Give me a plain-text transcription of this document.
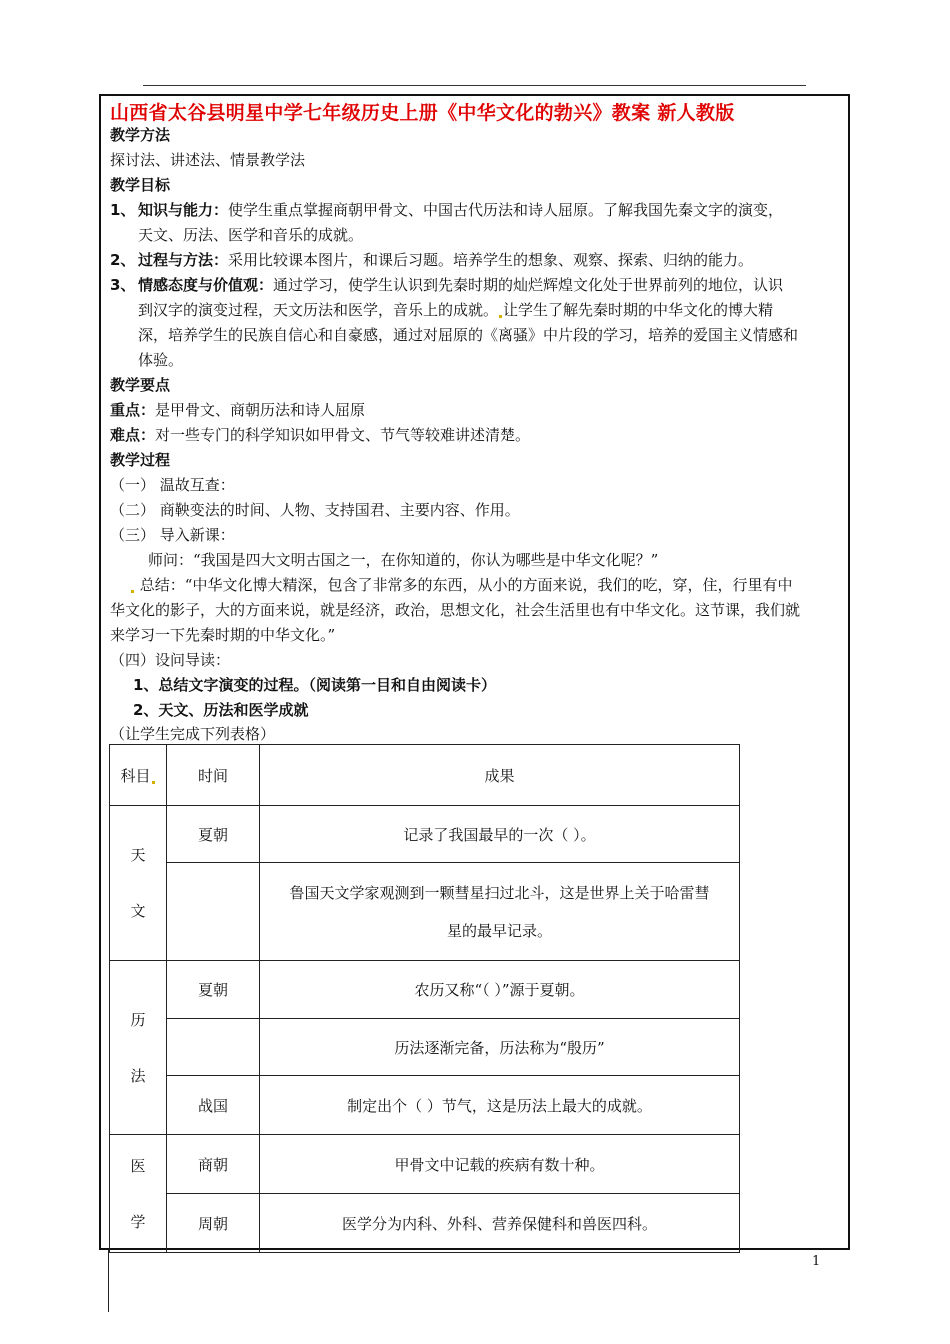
山西省太谷县明星中学七年级历史上册《中华文化的勃兴》教案 新人教版
教学方法
探讨法、讲述法、情景教学法
教学目标
1、 知识与能力：使学生重点掌握商朝甲骨文、中国古代历法和诗人屈原。了解我国先秦文字的演变，
天文、历法、医学和音乐的成就。
2、 过程与方法：采用比较课本图片，和课后习题。培养学生的想象、观察、探索、归纳的能力。
3、 情感态度与价值观：通过学习，使学生认识到先秦时期的灿烂辉煌文化处于世界前列的地位，认识
到汉字的演变过程，天文历法和医学，音乐上的成就。 让学生了解先秦时期的中华文化的博大精
深，培养学生的民族自信心和自豪感，通过对屈原的《离骚》中片段的学习，培养的爱国主义情感和
体验。
教学要点
重点：是甲骨文、商朝历法和诗人屈原
难点：对一些专门的科学知识如甲骨文、节气等较难讲述清楚。
教学过程
（一） 温故互查：
（二） 商鞅变法的时间、人物、支持国君、主要内容、作用。
（三） 导入新课：
师问：“我国是四大文明古国之一，在你知道的，你认为哪些是中华文化呢？”
总结：“中华文化博大精深，包含了非常多的东西，从小的方面来说，我们的吃，穿，住，行里有中
华文化的影子，大的方面来说，就是经济，政治，思想文化，社会生活里也有中华文化。这节课，我们就
来学习一下先秦时期的中华文化。”
（四）设问导读：
1、总结文字演变的过程。（阅读第一目和自由阅读卡）
2、天文、历法和医学成就
（让学生完成下列表格）
科目	时间	成果

天
文	夏朝	记录了我国最早的一次（ ）。

		鲁国天文学家观测到一颗彗星扫过北斗，这是世界上关于哈雷彗
星的最早记录。

历
法	夏朝	农历又称“（ ）”源于夏朝。
		历法逐渐完备，历法称为“殷历”
	战国	制定出个（ ）节气，这是历法上最大的成就。

医
学	商朝	甲骨文中记载的疾病有数十种。
	周朝	医学分为内科、外科、营养保健科和兽医四科。
1
